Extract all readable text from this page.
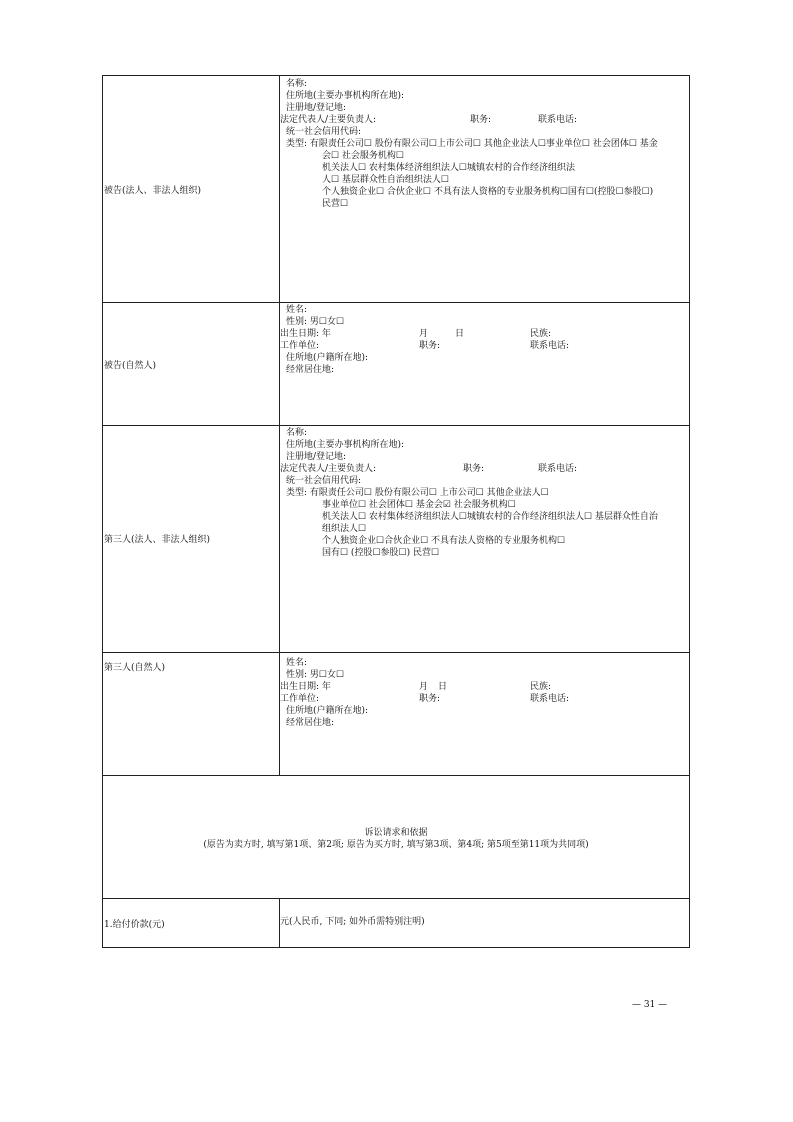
被告(法人、非法人组织)
名称:
住所地(主要办事机构所在地):
注册地/登记地:
法定代表人/主要负责人:	职务:	联系电话:
统一社会信用代码:
类型: 有限责任公司☐ 股份有限公司☐上市公司☐ 其他企业法人☐事业单位☐ 社会团体☐ 基金
会☐ 社会服务机构☐
机关法人☐ 农村集体经济组织法人☐城镇农村的合作经济组织法
人☐ 基层群众性自治组织法人☐
个人独资企业☐ 合伙企业☐ 不具有法人资格的专业服务机构☐国有☐(控股☐参股☐)
民营☐
被告(自然人)
姓名:
性别: 男☐女☐
出生日期: 年	月	日	民族:
工作单位:	职务:	联系电话:
住所地(户籍所在地):
经常居住地:
第三人(法人、非法人组织)
名称:
住所地(主要办事机构所在地):
注册地/登记地:
法定代表人/主要负责人:	职务:	联系电话:
统一社会信用代码:
类型: 有限责任公司☐ 股份有限公司☐ 上市公司☐ 其他企业法人☐
事业单位☐ 社会团体☐ 基金会☑ 社会服务机构☐
机关法人☐ 农村集体经济组织法人☐城镇农村的合作经济组织法人☐ 基层群众性自治
组织法人☐
个人独资企业☐合伙企业☐ 不具有法人资格的专业服务机构☐
国有☐ (控股☐参股☐) 民营☐
第三人(自然人)	姓名:
性别: 男☐女☐
出生日期: 年	月 日	民族:
工作单位:	职务:	联系电话:
住所地(户籍所在地):
经常居住地:
诉讼请求和依据
(原告为卖方时, 填写第1项、第2项; 原告为买方时, 填写第3项、第4项; 第5项至第11项为共同项)
1.给付价款(元)	元(人民币, 下同; 如外币需特别注明)
— 31 —
